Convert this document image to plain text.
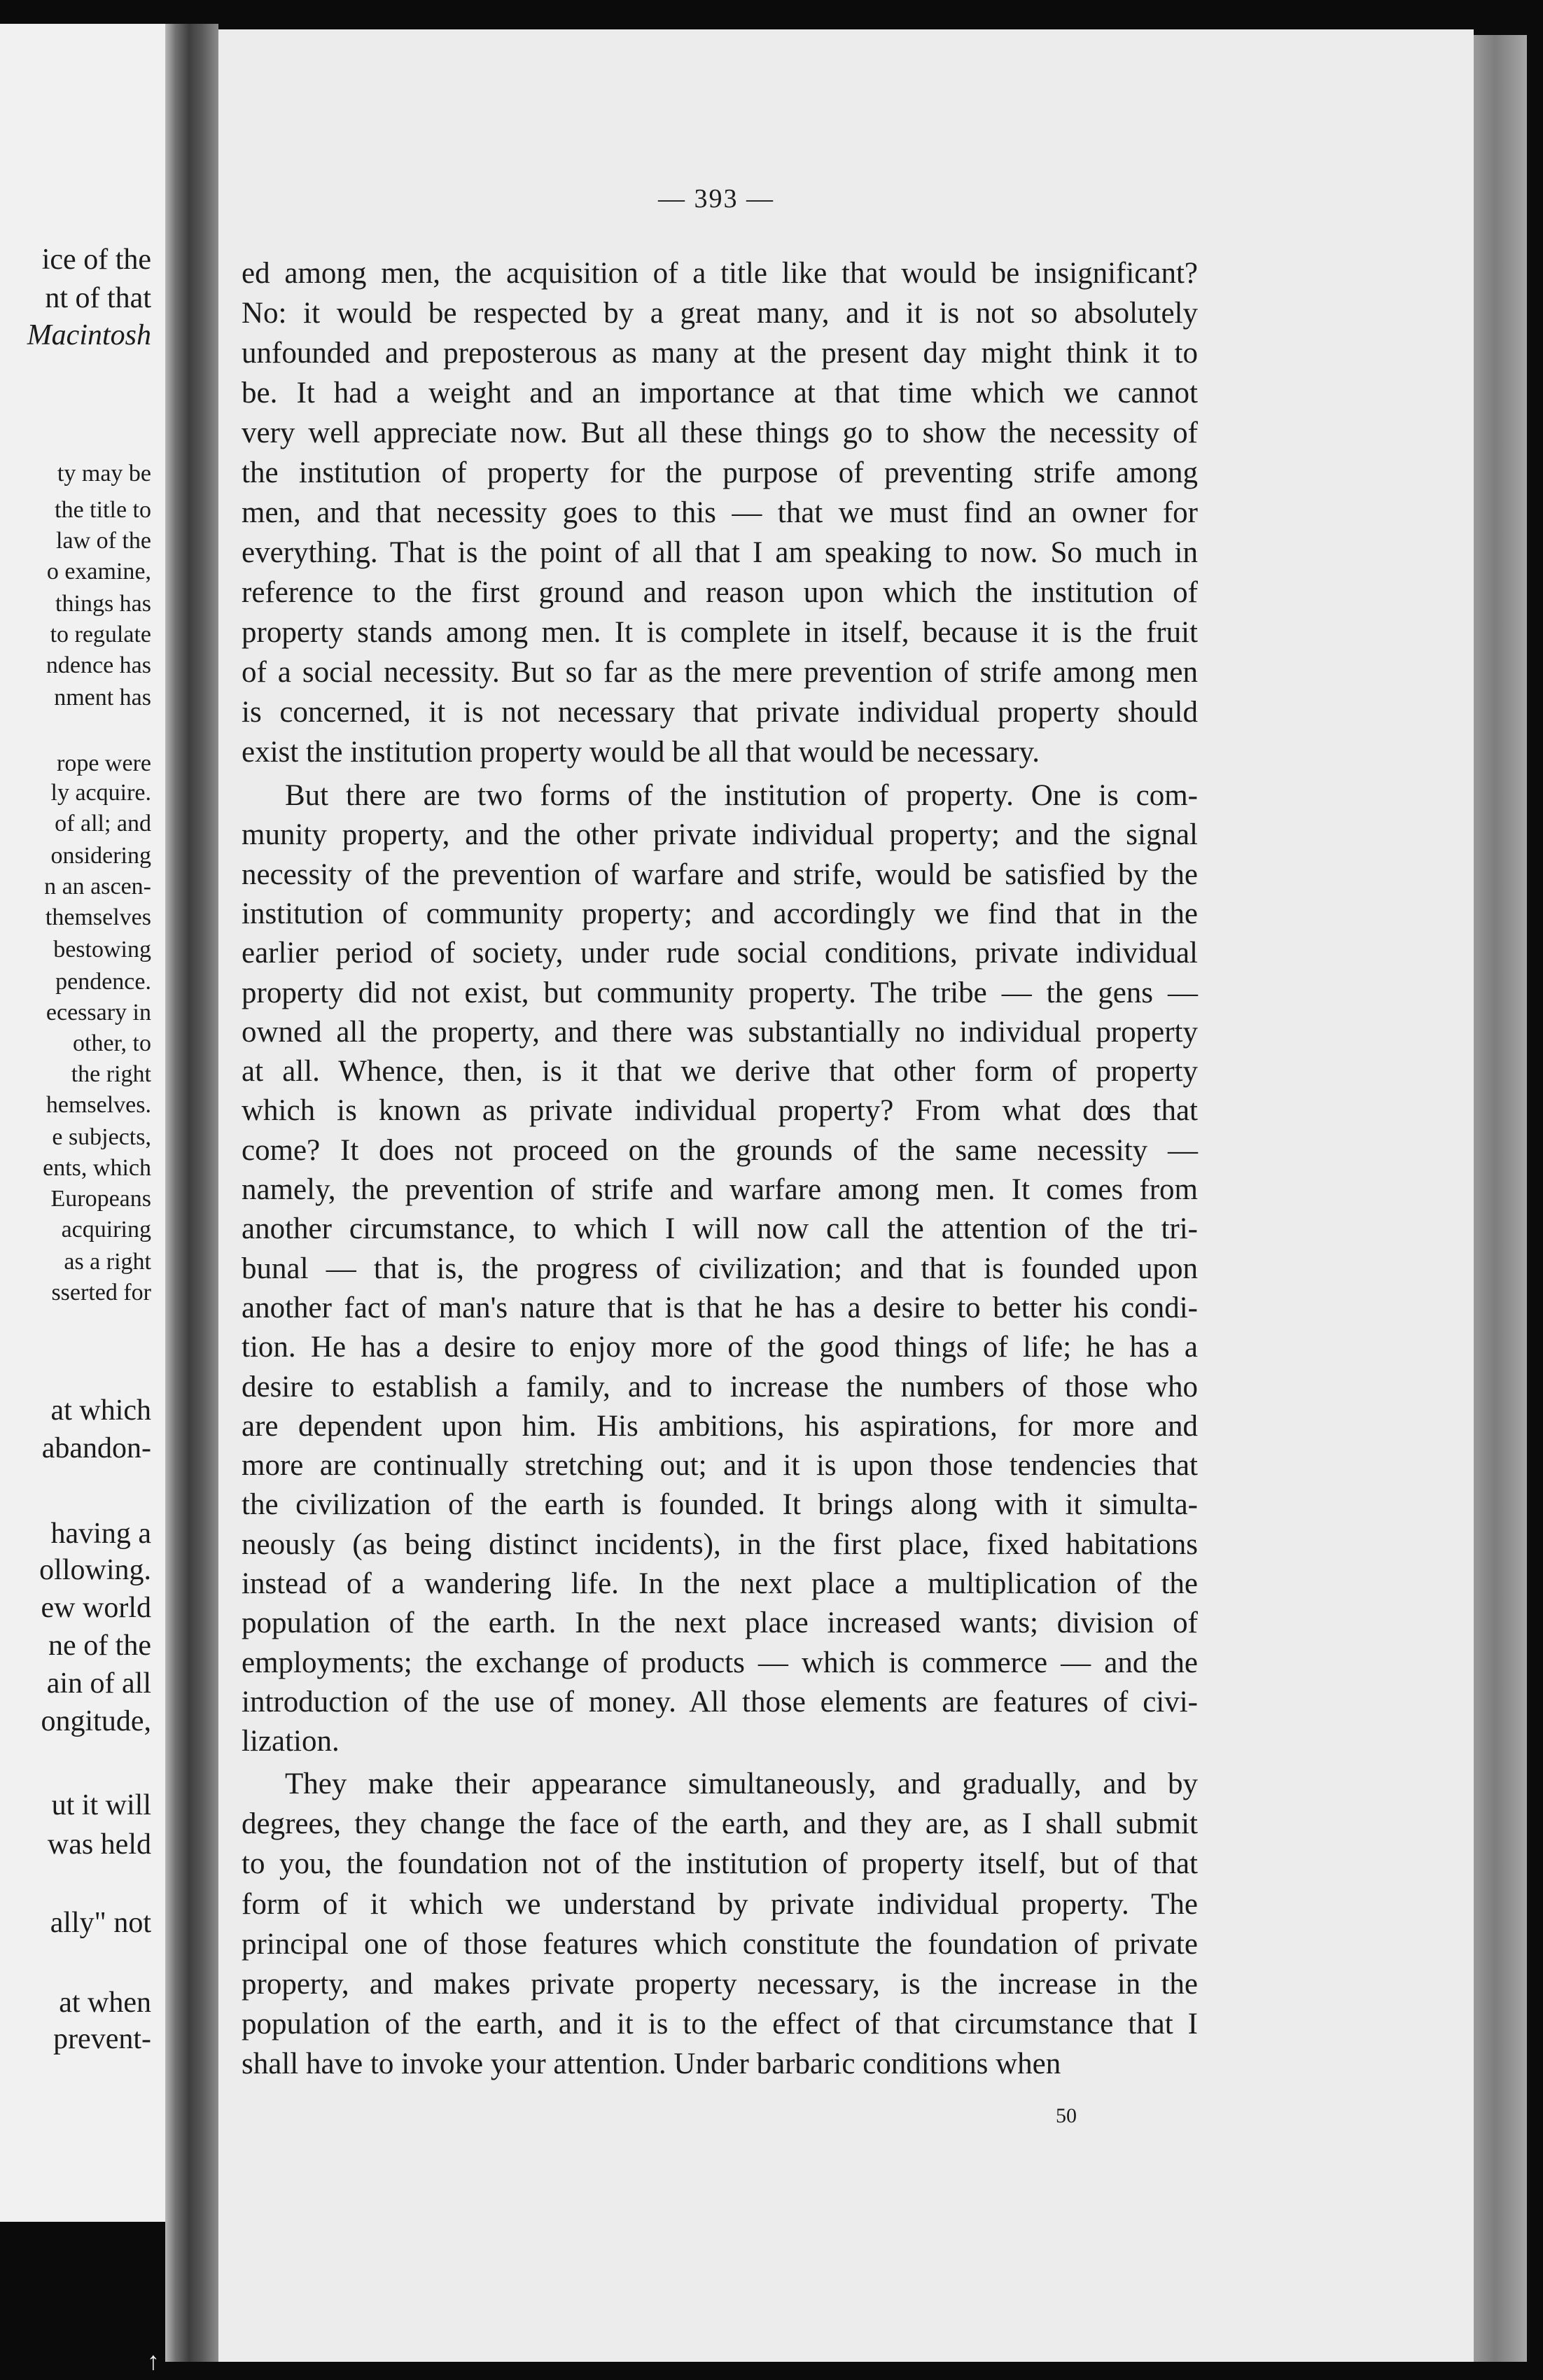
ice of the
nt of that
Macintosh
ty may be
the title to
law of the
o examine,
things has
to regulate
ndence has
nment has
rope were
ly acquire.
of all; and
onsidering
n an ascen-
themselves
bestowing
pendence.
ecessary in
other, to
the right
hemselves.
e subjects,
ents, which
Europeans
acquiring
as a right
sserted for
at which
abandon-
having a
ollowing.
ew world
ne of the
ain of all
ongitude,
ut it will
was held
ally" not
at when
prevent-
↑
— 393 —
ed among men, the acquisition of a title like that would be insignificant?
No: it would be respected by a great many, and it is not so absolutely
unfounded and preposterous as many at the present day might think it to
be. It had a weight and an importance at that time which we cannot
very well appreciate now. But all these things go to show the necessity of
the institution of property for the purpose of preventing strife among
men, and that necessity goes to this — that we must find an owner for
everything. That is the point of all that I am speaking to now. So much in
reference to the first ground and reason upon which the institution of
property stands among men. It is complete in itself, because it is the fruit
of a social necessity. But so far as the mere prevention of strife among men
is concerned, it is not necessary that private individual property should
exist the institution property would be all that would be necessary.
But there are two forms of the institution of property. One is com-
munity property, and the other private individual property; and the signal
necessity of the prevention of warfare and strife, would be satisfied by the
institution of community property; and accordingly we find that in the
earlier period of society, under rude social conditions, private individual
property did not exist, but community property. The tribe — the gens —
owned all the property, and there was substantially no individual property
at all. Whence, then, is it that we derive that other form of property
which is known as private individual property? From what dœs that
come? It does not proceed on the grounds of the same necessity —
namely, the prevention of strife and warfare among men. It comes from
another circumstance, to which I will now call the attention of the tri-
bunal — that is, the progress of civilization; and that is founded upon
another fact of man's nature that is that he has a desire to better his condi-
tion. He has a desire to enjoy more of the good things of life; he has a
desire to establish a family, and to increase the numbers of those who
are dependent upon him. His ambitions, his aspirations, for more and
more are continually stretching out; and it is upon those tendencies that
the civilization of the earth is founded. It brings along with it simulta-
neously (as being distinct incidents), in the first place, fixed habitations
instead of a wandering life. In the next place a multiplication of the
population of the earth. In the next place increased wants; division of
employments; the exchange of products — which is commerce — and the
introduction of the use of money. All those elements are features of civi-
lization.
They make their appearance simultaneously, and gradually, and by
degrees, they change the face of the earth, and they are, as I shall submit
to you, the foundation not of the institution of property itself, but of that
form of it which we understand by private individual property. The
principal one of those features which constitute the foundation of private
property, and makes private property necessary, is the increase in the
population of the earth, and it is to the effect of that circumstance that I
shall have to invoke your attention. Under barbaric conditions when
50
